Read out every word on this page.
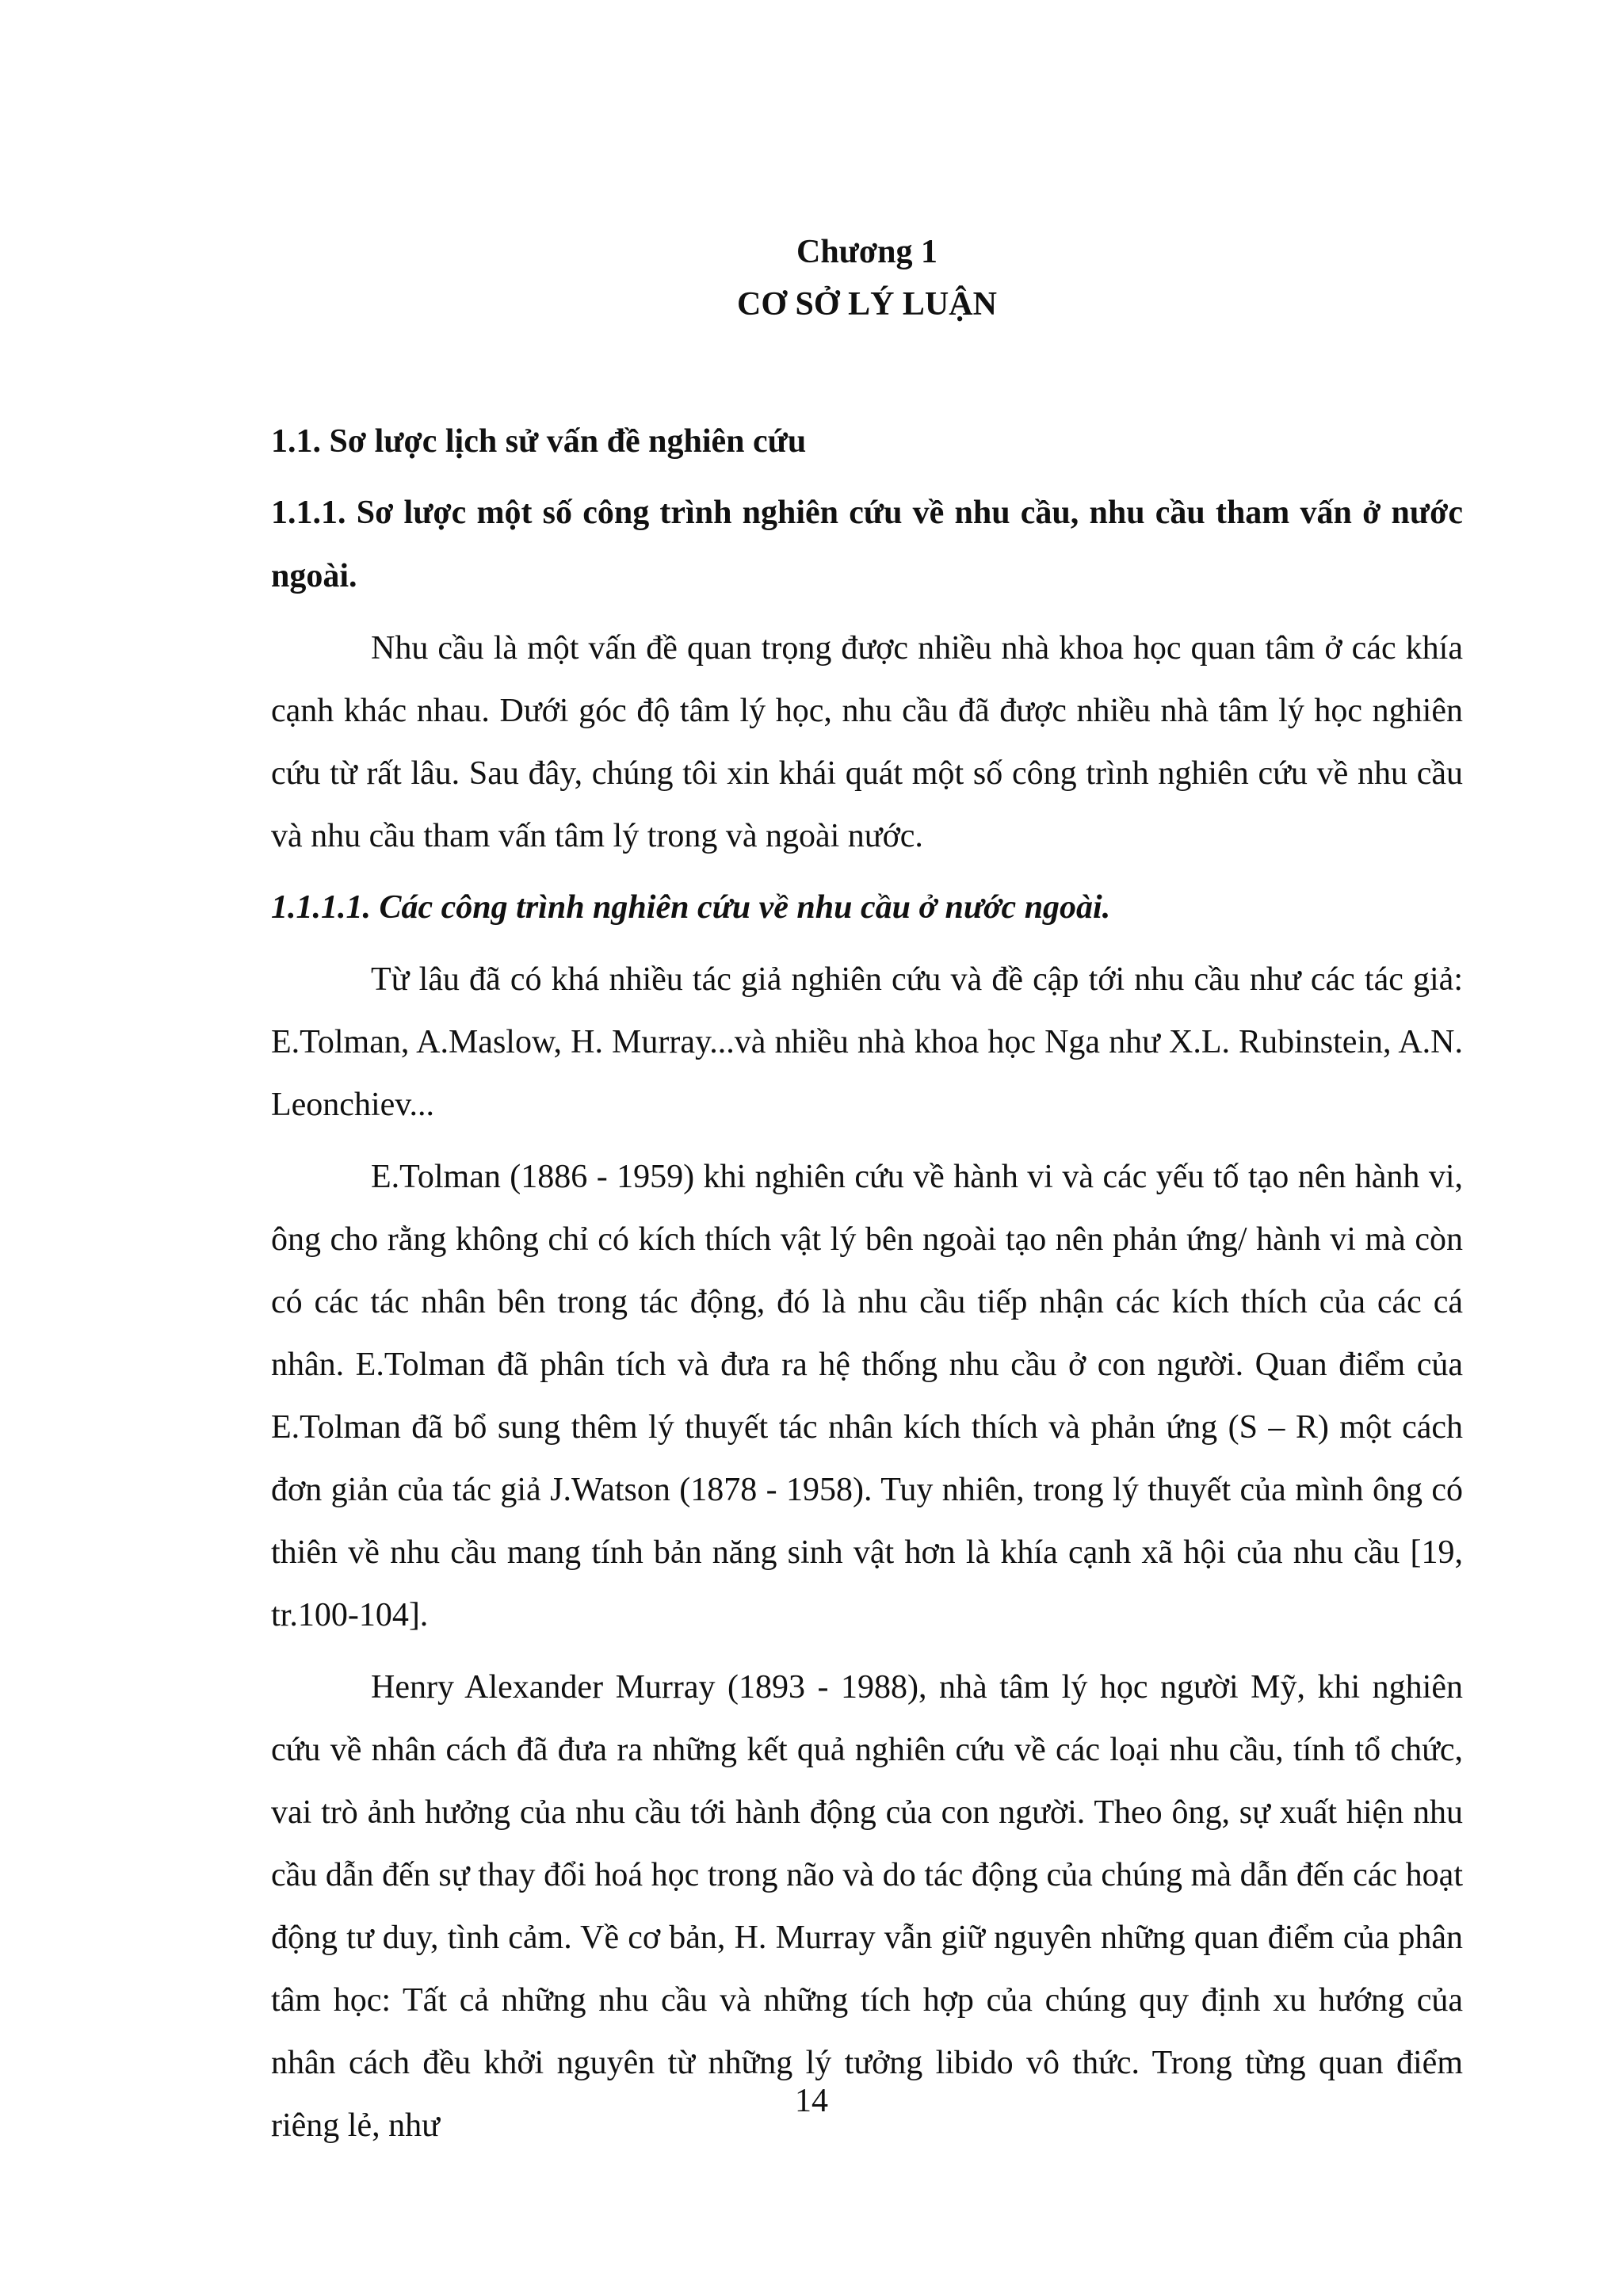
Chương 1
CƠ SỞ LÝ LUẬN
1.1. Sơ lược lịch sử vấn đề nghiên cứu
1.1.1. Sơ lược một số công trình nghiên cứu về nhu cầu, nhu cầu tham vấn ở nước ngoài.

Nhu cầu là một vấn đề quan trọng được nhiều nhà khoa học quan tâm ở các khía cạnh khác nhau. Dưới góc độ tâm lý học, nhu cầu đã được nhiều nhà tâm lý học nghiên cứu từ rất lâu. Sau đây, chúng tôi xin khái quát một số công trình nghiên cứu về nhu cầu và nhu cầu tham vấn tâm lý trong và ngoài nước.

1.1.1.1. Các công trình nghiên cứu về nhu cầu ở nước ngoài.

Từ lâu đã có khá nhiều tác giả nghiên cứu và đề cập tới nhu cầu như các tác giả: E.Tolman, A.Maslow, H. Murray...và nhiều nhà khoa học Nga như X.L. Rubinstein, A.N. Leonchiev...

E.Tolman (1886 - 1959) khi nghiên cứu về hành vi và các yếu tố tạo nên hành vi, ông cho rằng không chỉ có kích thích vật lý bên ngoài tạo nên phản ứng/ hành vi mà còn có các tác nhân bên trong tác động, đó là nhu cầu tiếp nhận các kích thích của các cá nhân. E.Tolman đã phân tích và đưa ra hệ thống nhu cầu ở con người. Quan điểm của E.Tolman đã bổ sung thêm lý thuyết tác nhân kích thích và phản ứng (S – R) một cách đơn giản của tác giả J.Watson (1878 - 1958). Tuy nhiên, trong lý thuyết của mình ông có thiên về nhu cầu mang tính bản năng sinh vật hơn là khía cạnh xã hội của nhu cầu [19, tr.100-104].

Henry Alexander Murray (1893 - 1988), nhà tâm lý học người Mỹ, khi nghiên cứu về nhân cách đã đưa ra những kết quả nghiên cứu về các loại nhu cầu, tính tổ chức, vai trò ảnh hưởng của nhu cầu tới hành động của con người. Theo ông, sự xuất hiện nhu cầu dẫn đến sự thay đổi hoá học trong não và do tác động của chúng mà dẫn đến các hoạt động tư duy, tình cảm. Về cơ bản, H. Murray vẫn giữ nguyên những quan điểm của phân tâm học: Tất cả những nhu cầu và những tích hợp của chúng quy định xu hướng của nhân cách đều khởi nguyên từ những lý tưởng libido vô thức. Trong từng quan điểm riêng lẻ, như

14
